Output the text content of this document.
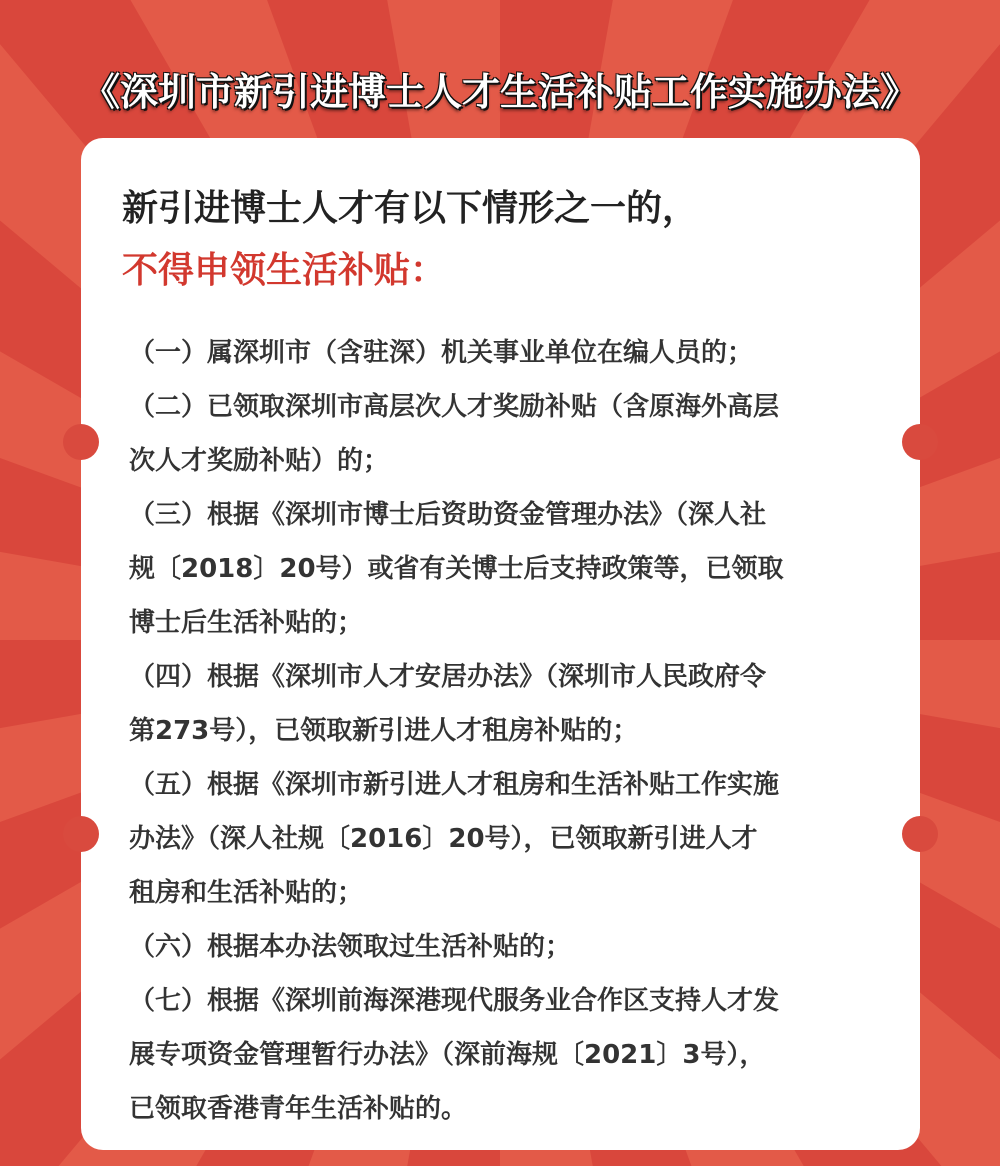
《深圳市新引进博士人才生活补贴工作实施办法》
新引进博士人才有以下情形之一的，
不得申领生活补贴：
（一）属深圳市（含驻深）机关事业单位在编人员的；
（二）已领取深圳市高层次人才奖励补贴（含原海外高层
次人才奖励补贴）的；
（三）根据《深圳市博士后资助资金管理办法》（深人社
规〔2018〕20号）或省有关博士后支持政策等，已领取
博士后生活补贴的；
（四）根据《深圳市人才安居办法》（深圳市人民政府令
第273号），已领取新引进人才租房补贴的；
（五）根据《深圳市新引进人才租房和生活补贴工作实施
办法》（深人社规〔2016〕20号），已领取新引进人才
租房和生活补贴的；
（六）根据本办法领取过生活补贴的；
（七）根据《深圳前海深港现代服务业合作区支持人才发
展专项资金管理暂行办法》（深前海规〔2021〕3号），
已领取香港青年生活补贴的。
